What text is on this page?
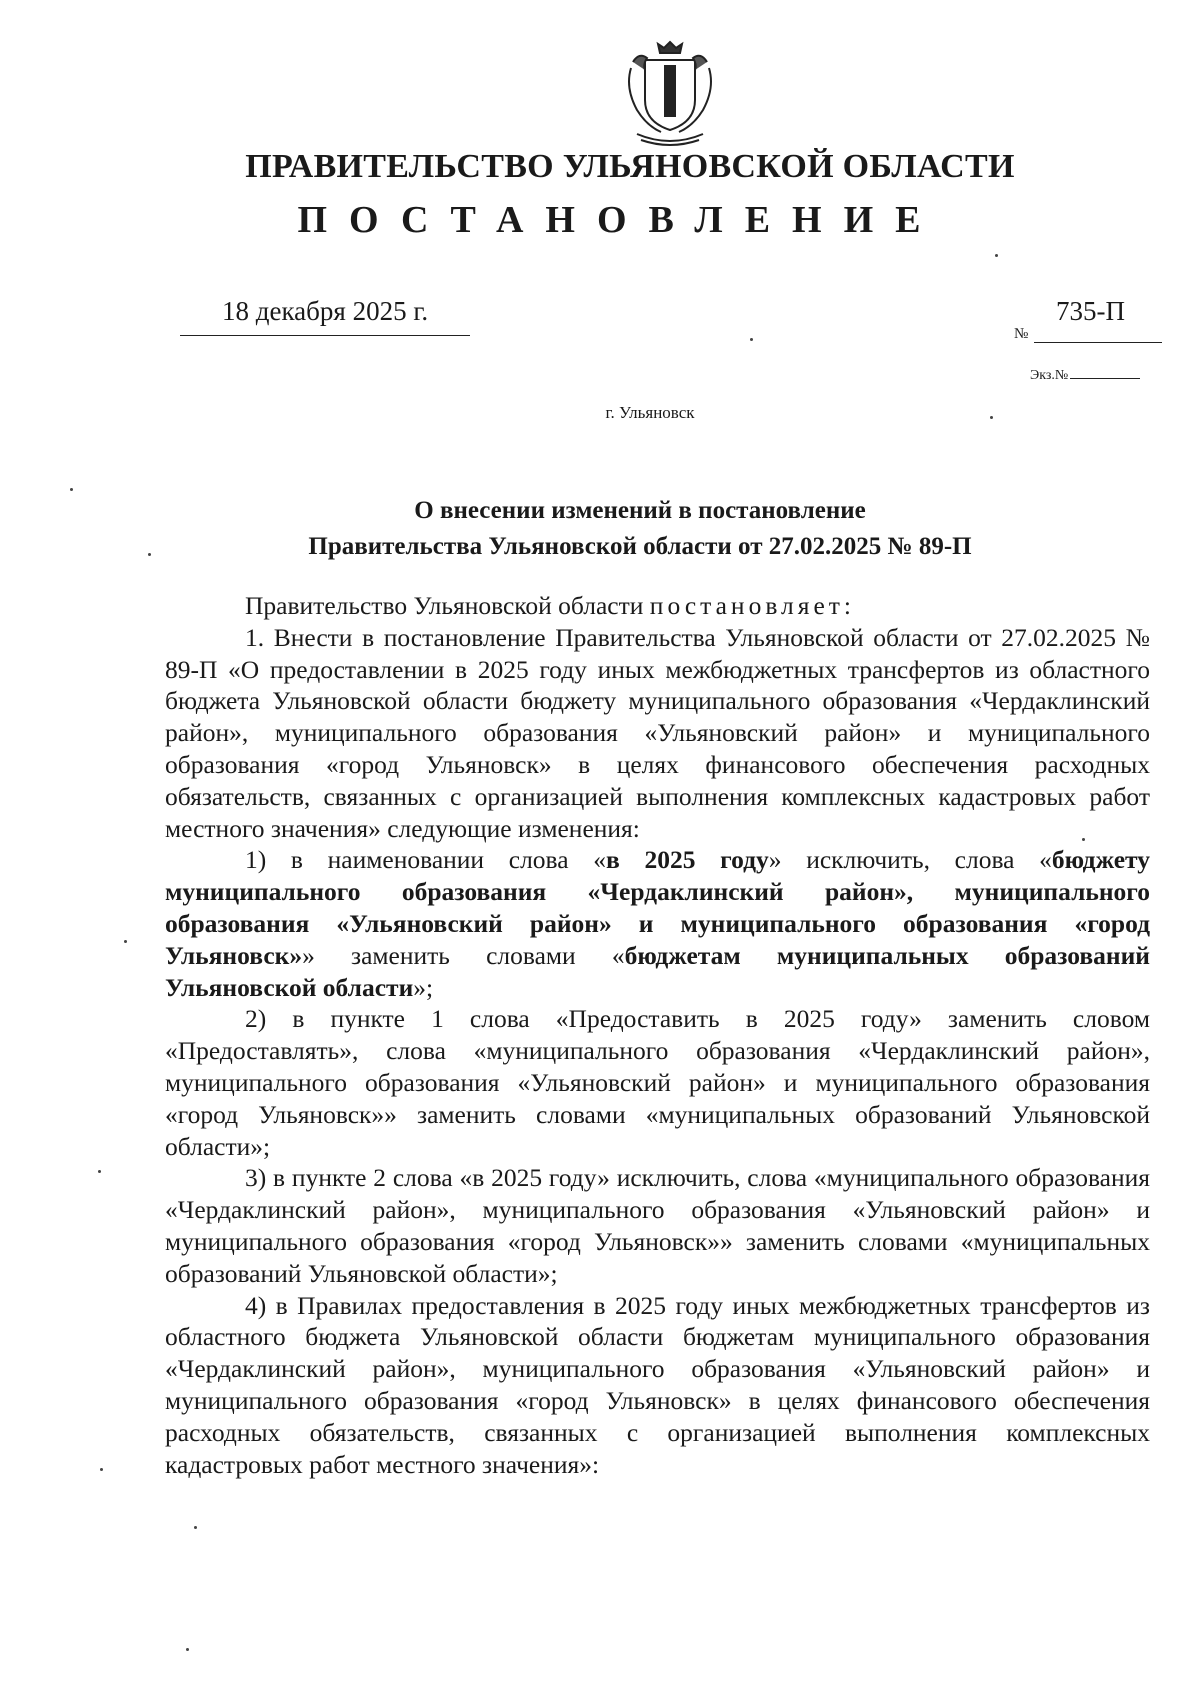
ПРАВИТЕЛЬСТВО УЛЬЯНОВСКОЙ ОБЛАСТИ
ПОСТАНОВЛЕНИЕ
18 декабря 2025 г.
№
735-П
Экз.№
г. Ульяновск
О внесении изменений в постановление
Правительства Ульяновской области от 27.02.2025 № 89-П

Правительство Ульяновской области постановляет:

1. Внести в постановление Правительства Ульяновской области от 27.02.2025 № 89-П «О предоставлении в 2025 году иных межбюджетных трансфертов из областного бюджета Ульяновской области бюджету муниципального образования «Чердаклинский район», муниципального образования «Ульяновский район» и муниципального образования «город Ульяновск» в целях финансового обеспечения расходных обязательств, связанных с организацией выполнения комплексных кадастровых работ местного значения» следующие изменения:

1) в наименовании слова «в 2025 году» исключить, слова «бюджету муниципального образования «Чердаклинский район», муниципального образования «Ульяновский район» и муниципального образования «город Ульяновск»» заменить словами «бюджетам муниципальных образований Ульяновской области»;

2) в пункте 1 слова «Предоставить в 2025 году» заменить словом «Предоставлять», слова «муниципального образования «Чердаклинский район», муниципального образования «Ульяновский район» и муниципального образования «город Ульяновск»» заменить словами «муниципальных образований Ульяновской области»;

3) в пункте 2 слова «в 2025 году» исключить, слова «муниципального образования «Чердаклинский район», муниципального образования «Ульяновский район» и муниципального образования «город Ульяновск»» заменить словами «муниципальных образований Ульяновской области»;

4) в Правилах предоставления в 2025 году иных межбюджетных трансфертов из областного бюджета Ульяновской области бюджетам муниципального образования «Чердаклинский район», муниципального образования «Ульяновский район» и муниципального образования «город Ульяновск» в целях финансового обеспечения расходных обязательств, связанных с организацией выполнения комплексных кадастровых работ местного значения»:
